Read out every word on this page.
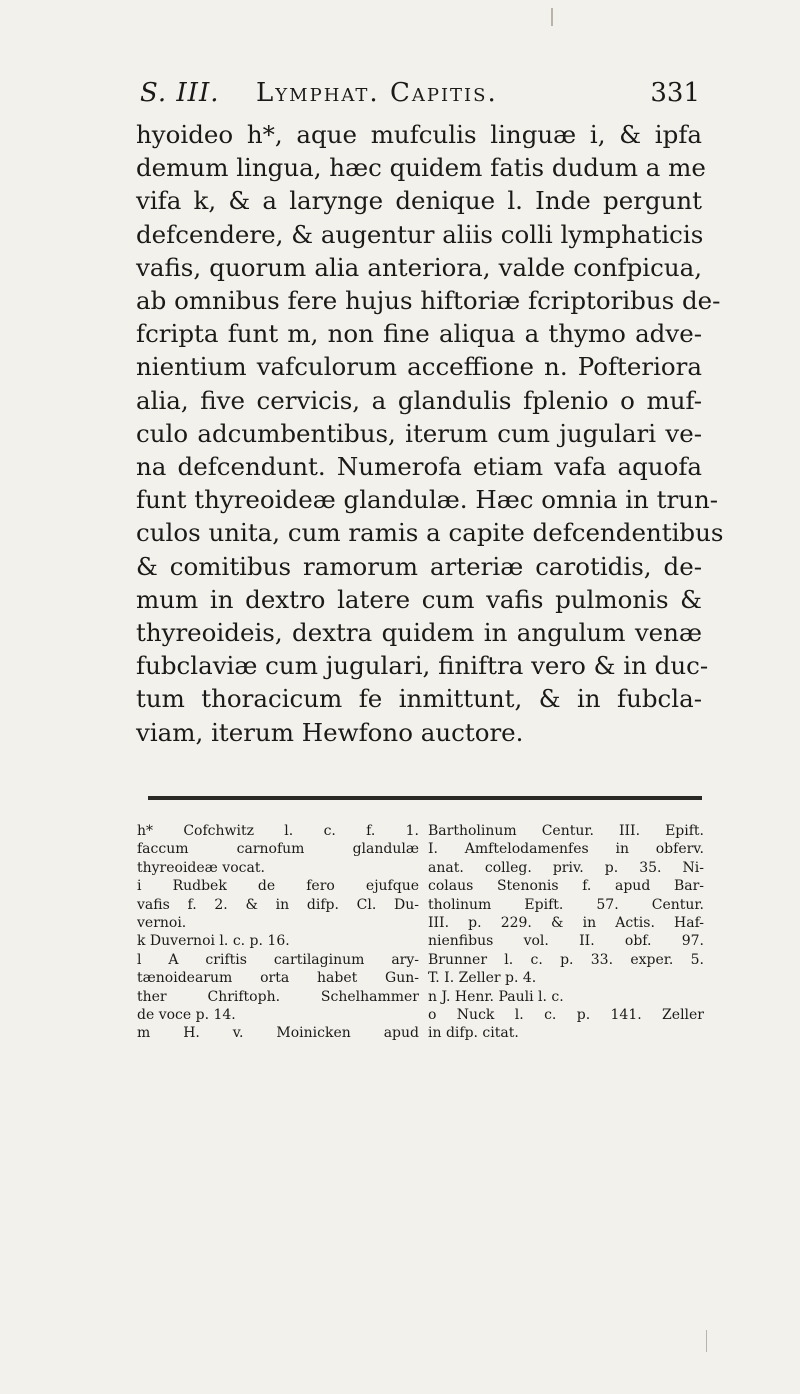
S. III. Lymphat. Capitis.	331
hyoideo h*, aque mufculis linguæ i, & ipfa
demum lingua, hæc quidem fatis dudum a me
vifa k, & a larynge denique l. Inde pergunt
defcendere, & augentur aliis colli lymphaticis
vafis, quorum alia anteriora, valde confpicua,
ab omnibus fere hujus hiftoriæ fcriptoribus de-
fcripta funt m, non fine aliqua a thymo adve-
nientium vafculorum acceffione n. Pofteriora
alia, five cervicis, a glandulis fplenio o muf-
culo adcumbentibus, iterum cum jugulari ve-
na defcendunt. Numerofa etiam vafa aquofa
funt thyreoideæ glandulæ. Hæc omnia in trun-
culos unita, cum ramis a capite defcendentibus
& comitibus ramorum arteriæ carotidis, de-
mum in dextro latere cum vafis pulmonis &
thyreoideis, dextra quidem in angulum venæ
fubclaviæ cum jugulari, finiftra vero & in duc-
tum thoracicum fe inmittunt, & in fubcla-
viam, iterum Hewfono auctore.
h* Cofchwitz l. c. f. 1.
faccum carnofum glandulæ
thyreoideæ vocat.
i Rudbek de fero ejufque
vafis f. 2. & in difp. Cl. Du-
vernoi.
k Duvernoi l. c. p. 16.
l A criftis cartilaginum ary-
tænoidearum orta habet Gun-
ther Chriftoph. Schelhammer
de voce p. 14.
m H. v. Moinicken apud
Bartholinum Centur. III. Epift.
I. Amftelodamenfes in obferv.
anat. colleg. priv. p. 35. Ni-
colaus Stenonis f. apud Bar-
tholinum Epift. 57. Centur.
III. p. 229. & in Actis. Haf-
nienfibus vol. II. obf. 97.
Brunner l. c. p. 33. exper. 5.
T. I. Zeller p. 4.
n J. Henr. Pauli l. c.
o Nuck l. c. p. 141. Zeller
in difp. citat.
